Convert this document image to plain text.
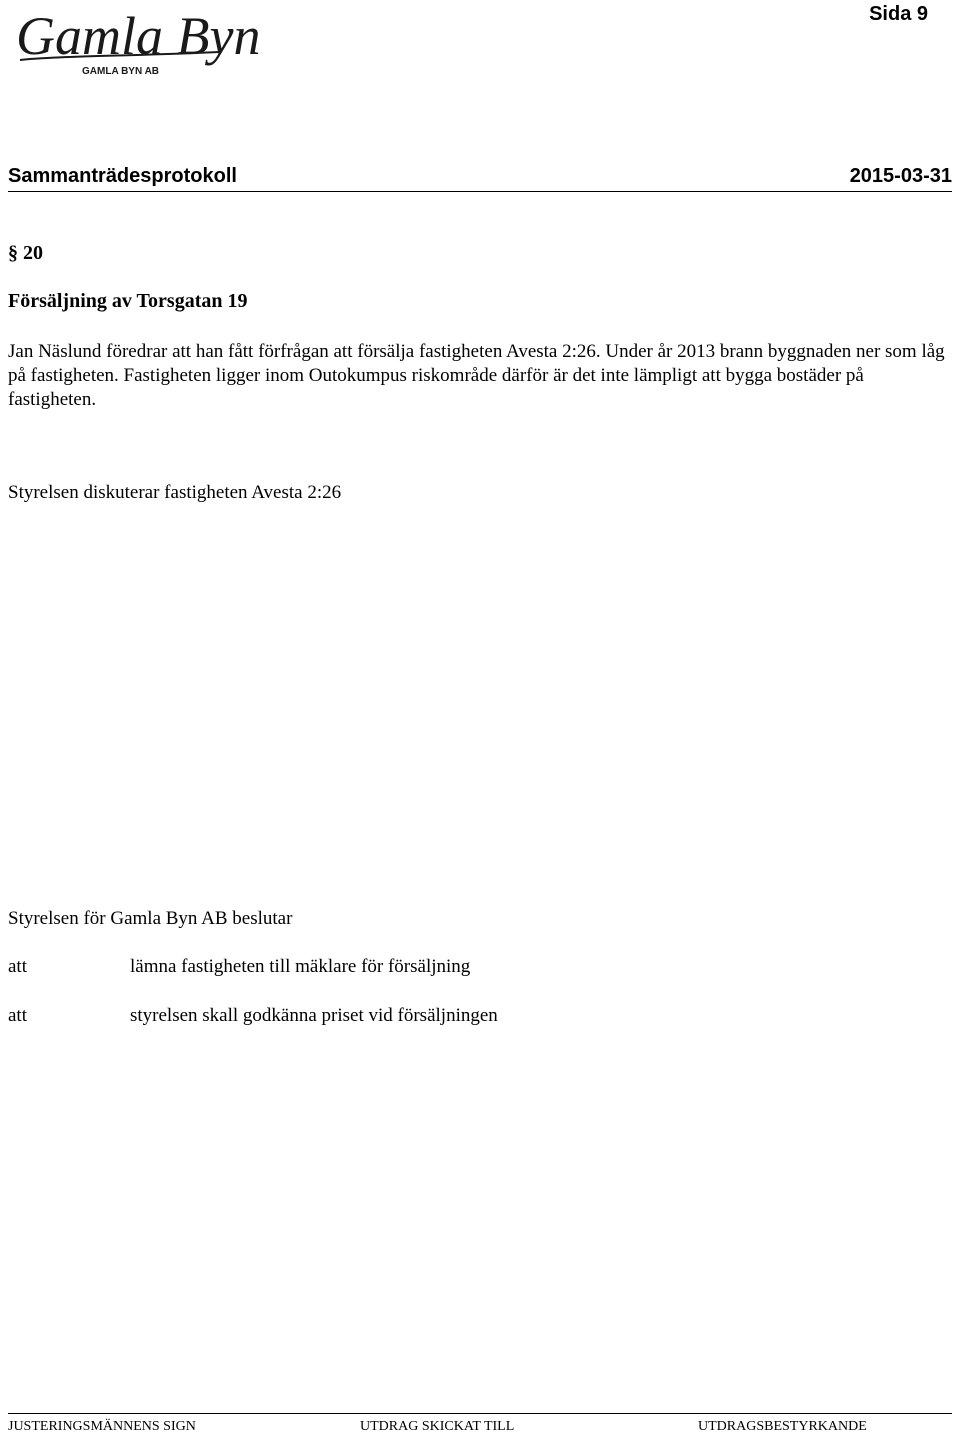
Gamla Byn
GAMLA BYN AB
Sida 9
Sammanträdesprotokoll	2015-03-31
§ 20
Försäljning av Torsgatan 19
Jan Näslund föredrar att han fått förfrågan att försälja fastigheten Avesta 2:26. Under år 2013 brann byggnaden ner som låg på fastigheten. Fastigheten ligger inom Outokumpus riskområde därför är det inte lämpligt att bygga bostäder på fastigheten.
Styrelsen diskuterar fastigheten Avesta 2:26
Styrelsen för Gamla Byn AB beslutar
att	lämna fastigheten till mäklare för försäljning
att	styrelsen skall godkänna priset vid försäljningen
JUSTERINGSMÄNNENS SIGN	UTDRAG SKICKAT TILL	UTDRAGSBESTYRKANDE
